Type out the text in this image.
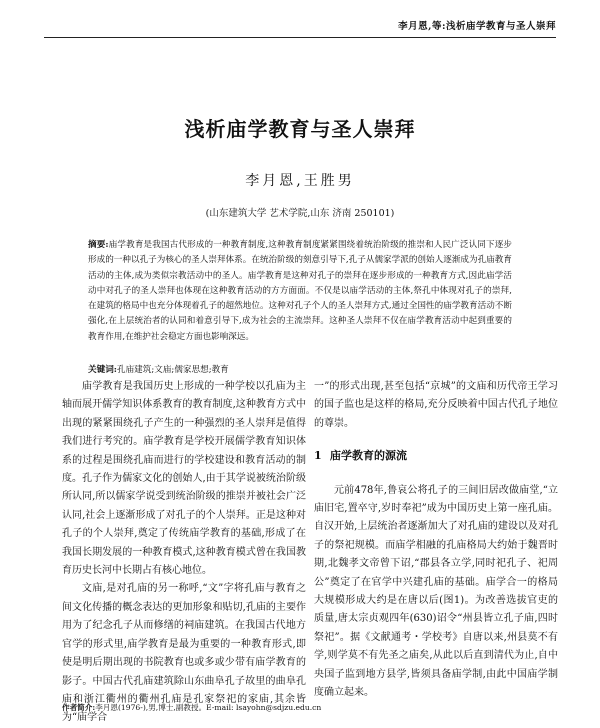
李月恩,等:浅析庙学教育与圣人崇拜
浅析庙学教育与圣人崇拜
李月恩,王胜男
(山东建筑大学 艺术学院,山东 济南 250101)
摘要:庙学教育是我国古代形成的一种教育制度,这种教育制度紧紧围绕着统治阶级的推崇和人民广泛认同下逐步形成的一种以孔子为核心的圣人崇拜体系。在统治阶级的刻意引导下,孔子从儒家学派的创始人逐渐成为孔庙教育活动的主体,成为类似宗教活动中的圣人。庙学教育是这种对孔子的崇拜在逐步形成的一种教育方式,因此庙学活动中对孔子的圣人崇拜也体现在这种教育活动的方方面面。不仅是以庙学活动的主体,祭孔中体现对孔子的崇拜,在建筑的格局中也充分体现着孔子的超然地位。这种对孔子个人的圣人崇拜方式,通过全国性的庙学教育活动不断强化,在上层统治者的认同和着意引导下,成为社会的主流崇拜。这种圣人崇拜不仅在庙学教育活动中起到重要的教育作用,在维护社会稳定方面也影响深远。
关键词:孔庙建筑;文庙;儒家思想;教育

庙学教育是我国历史上形成的一种学校以孔庙为主轴而展开儒学知识体系教育的教育制度,这种教育方式中出现的紧紧围绕孔子产生的一种强烈的圣人崇拜是值得我们进行考究的。庙学教育是学校开展儒学教育知识体系的过程是围绕孔庙而进行的学校建设和教育活动的制度。孔子作为儒家文化的创始人,由于其学说被统治阶级所认同,所以儒家学说受到统治阶级的推崇并被社会广泛认同,社会上逐渐形成了对孔子的个人崇拜。正是这种对孔子的个人崇拜,奠定了传统庙学教育的基础,形成了在我国长期发展的一种教育模式,这种教育模式曾在我国教育历史长河中长期占有核心地位。

文庙,是对孔庙的另一称呼,“文”字将孔庙与教育之间文化传播的概念表达的更加形象和贴切,孔庙的主要作用为了纪念孔子从而修缮的祠庙建筑。在我国古代地方官学的形式里,庙学教育是最为重要的一种教育形式,即使是明后期出现的书院教育也或多或少带有庙学教育的影子。中国古代孔庙建筑除山东曲阜孔子故里的曲阜孔庙和浙江衢州的衢州孔庙是孔家祭祀的家庙,其余皆为“庙学合

一”的形式出现,甚至包括“京城”的文庙和历代帝王学习的国子监也是这样的格局,充分反映着中国古代孔子地位的尊崇。

1 庙学教育的源流

元前478年,鲁哀公将孔子的三间旧居改做庙堂,“立庙旧宅,置卒守,岁时奉祀”成为中国历史上第一座孔庙。自汉开始,上层统治者逐渐加大了对孔庙的建设以及对孔子的祭祀规模。而庙学相融的孔庙格局大约始于魏晋时期,北魏孝文帝曾下诏,“郡县各立学,同时祀孔子、祀周公”奠定了在官学中兴建孔庙的基础。庙学合一的格局大规模形成大约是在唐以后(图1)。为改善选拔官吏的质量,唐太宗贞观四年(630)诏令“州县皆立孔子庙,四时祭祀”。据《文献通考・学校考》自唐以来,州县莫不有学,则学莫不有先圣之庙矣,从此以后直到清代为止,自中央国子监到地方县学,皆须具备庙学制,由此中国庙学制度确立起来。

作者简介:李月恩(1976-),男,博士,副教授。E-mail: lsayohn@sdjzu.edu.cn
